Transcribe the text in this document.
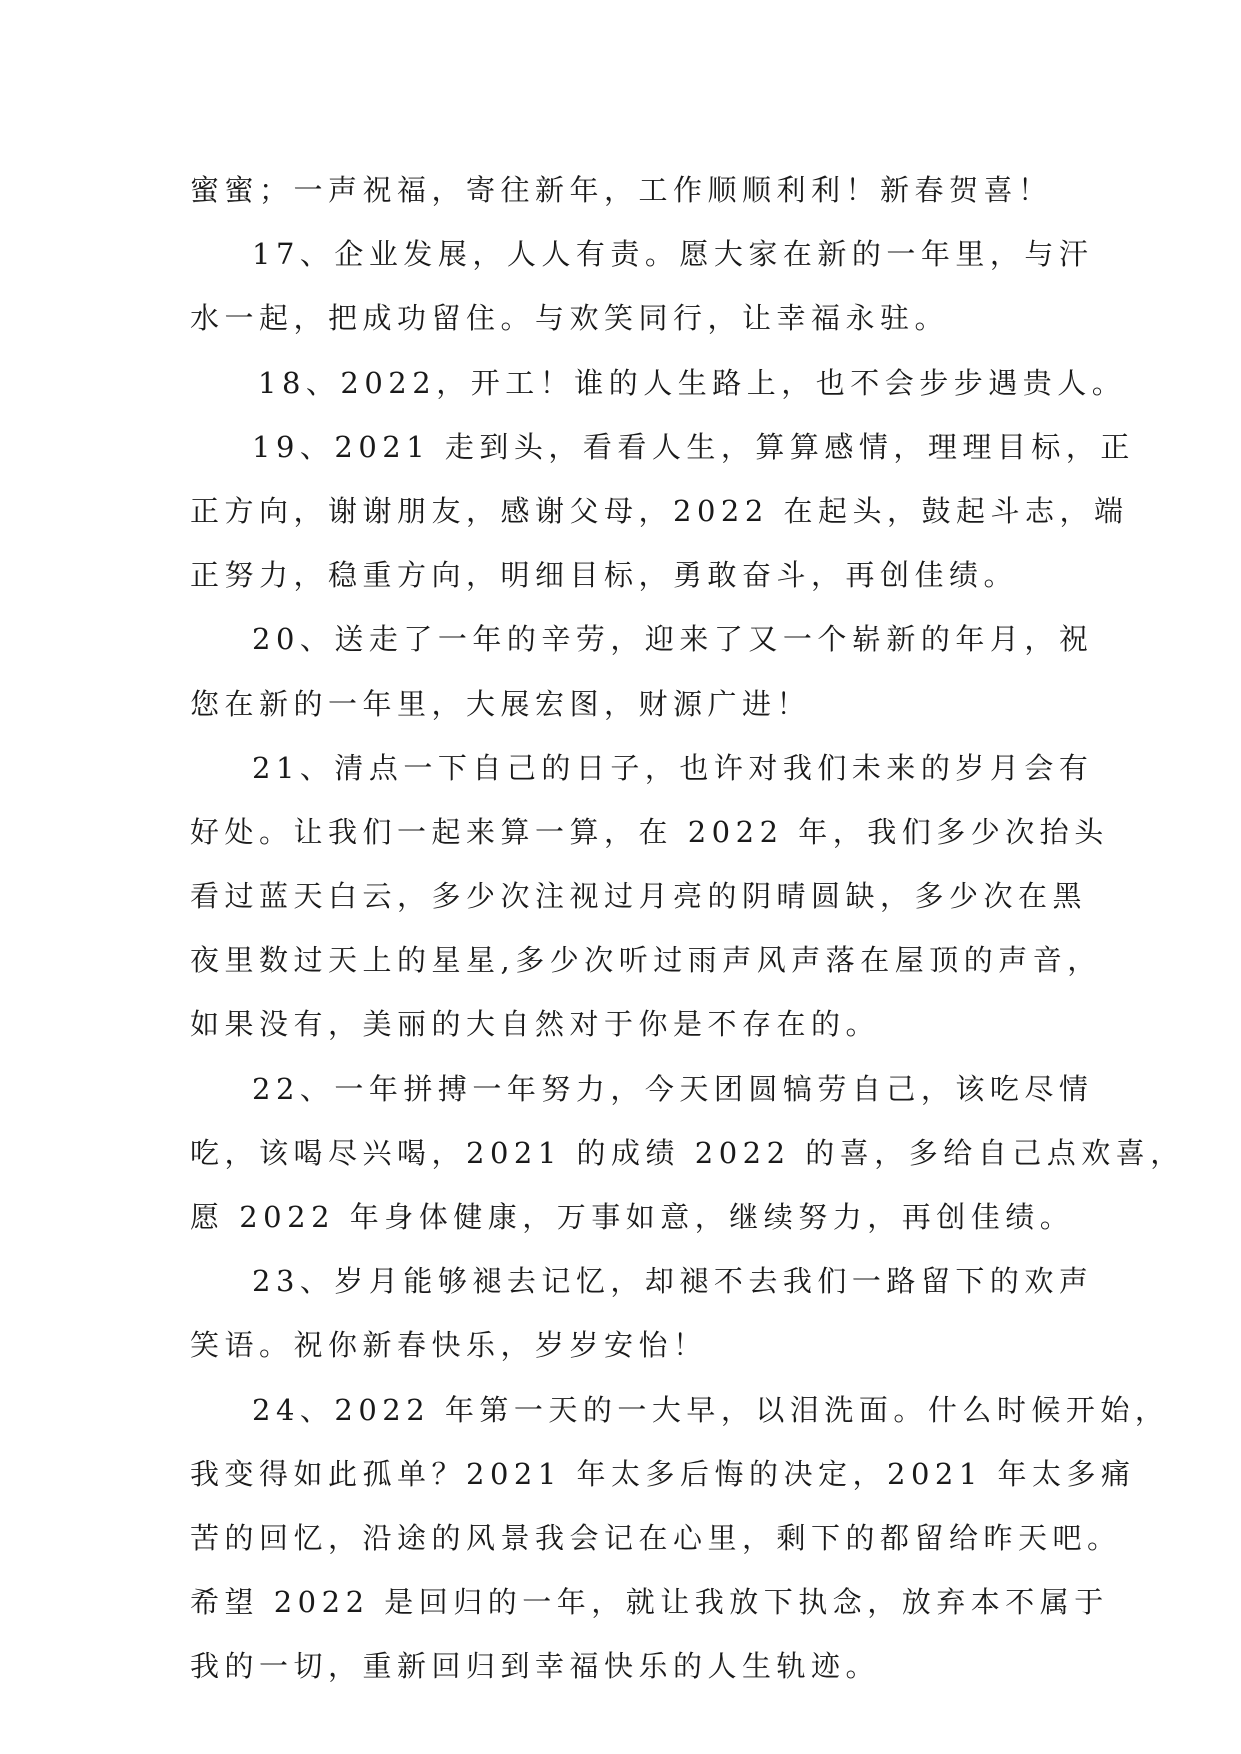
蜜蜜；一声祝福，寄往新年，工作顺顺利利！新春贺喜！
17、企业发展，人人有责。愿大家在新的一年里，与汗
水一起，把成功留住。与欢笑同行，让幸福永驻。
18、2022，开工！谁的人生路上，也不会步步遇贵人。
19、2021 走到头，看看人生，算算感情，理理目标，正
正方向，谢谢朋友，感谢父母，2022 在起头，鼓起斗志，端
正努力，稳重方向，明细目标，勇敢奋斗，再创佳绩。
20、送走了一年的辛劳，迎来了又一个崭新的年月，祝
您在新的一年里，大展宏图，财源广进！
21、清点一下自己的日子，也许对我们未来的岁月会有
好处。让我们一起来算一算，在 2022 年，我们多少次抬头
看过蓝天白云，多少次注视过月亮的阴晴圆缺，多少次在黑
夜里数过天上的星星,多少次听过雨声风声落在屋顶的声音，
如果没有，美丽的大自然对于你是不存在的。
22、一年拼搏一年努力，今天团圆犒劳自己，该吃尽情
吃，该喝尽兴喝，2021 的成绩 2022 的喜，多给自己点欢喜，
愿 2022 年身体健康，万事如意，继续努力，再创佳绩。
23、岁月能够褪去记忆，却褪不去我们一路留下的欢声
笑语。祝你新春快乐，岁岁安怡！
24、2022 年第一天的一大早，以泪洗面。什么时候开始，
我变得如此孤单？2021 年太多后悔的决定，2021 年太多痛
苦的回忆，沿途的风景我会记在心里，剩下的都留给昨天吧。
希望 2022 是回归的一年，就让我放下执念，放弃本不属于
我的一切，重新回归到幸福快乐的人生轨迹。
